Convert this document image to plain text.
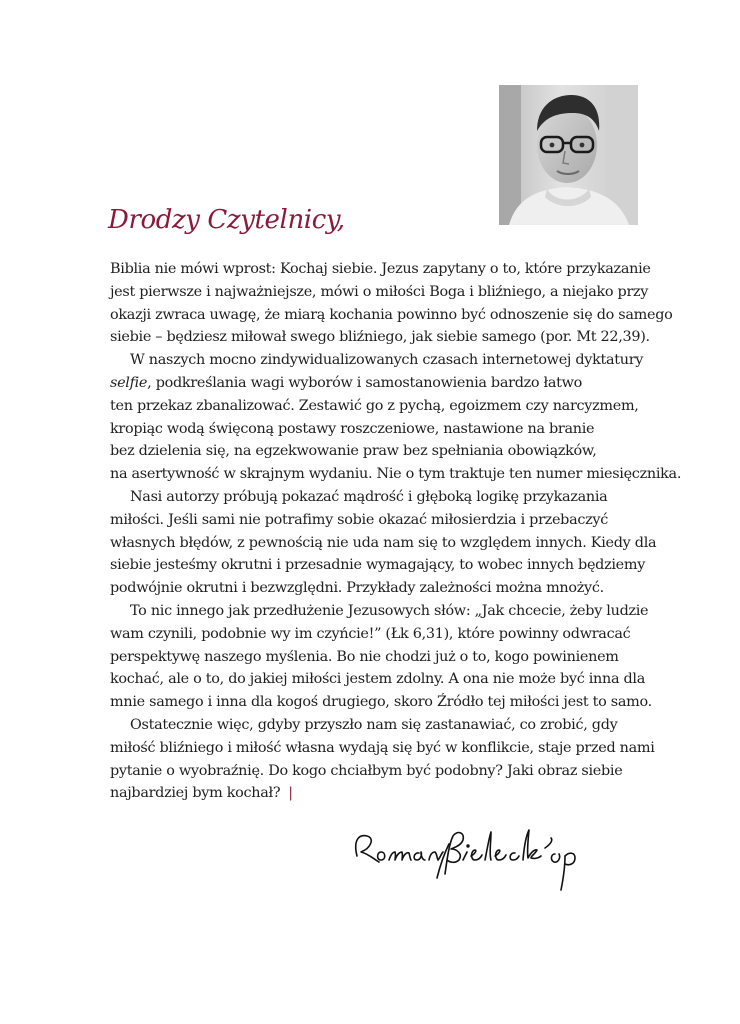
Drodzy Czytelnicy,
Biblia nie mówi wprost: Kochaj siebie. Jezus zapytany o to, które przykazanie
jest pierwsze i najważniejsze, mówi o miłości Boga i bliźniego, a niejako przy
okazji zwraca uwagę, że miarą kochania powinno być odnoszenie się do samego
siebie – będziesz miłował swego bliźniego, jak siebie samego (por. Mt 22,39).
W naszych mocno zindywidualizowanych czasach internetowej dyktatury
selfie, podkreślania wagi wyborów i samostanowienia bardzo łatwo
ten przekaz zbanalizować. Zestawić go z pychą, egoizmem czy narcyzmem,
kropiąc wodą święconą postawy roszczeniowe, nastawione na branie
bez dzielenia się, na egzekwowanie praw bez spełniania obowiązków,
na asertywność w skrajnym wydaniu. Nie o tym traktuje ten numer miesięcznika.
Nasi autorzy próbują pokazać mądrość i głęboką logikę przykazania
miłości. Jeśli sami nie potrafimy sobie okazać miłosierdzia i przebaczyć
własnych błędów, z pewnością nie uda nam się to względem innych. Kiedy dla
siebie jesteśmy okrutni i przesadnie wymagający, to wobec innych będziemy
podwójnie okrutni i bezwzględni. Przykłady zależności można mnożyć.
To nic innego jak przedłużenie Jezusowych słów: „Jak chcecie, żeby ludzie
wam czynili, podobnie wy im czyńcie!” (Łk 6,31), które powinny odwracać
perspektywę naszego myślenia. Bo nie chodzi już o to, kogo powinienem
kochać, ale o to, do jakiej miłości jestem zdolny. A ona nie może być inna dla
mnie samego i inna dla kogoś drugiego, skoro Źródło tej miłości jest to samo.
Ostatecznie więc, gdyby przyszło nam się zastanawiać, co zrobić, gdy
miłość bliźniego i miłość własna wydają się być w konflikcie, staje przed nami
pytanie o wyobraźnię. Do kogo chciałbym być podobny? Jaki obraz siebie
najbardziej bym kochał? |
